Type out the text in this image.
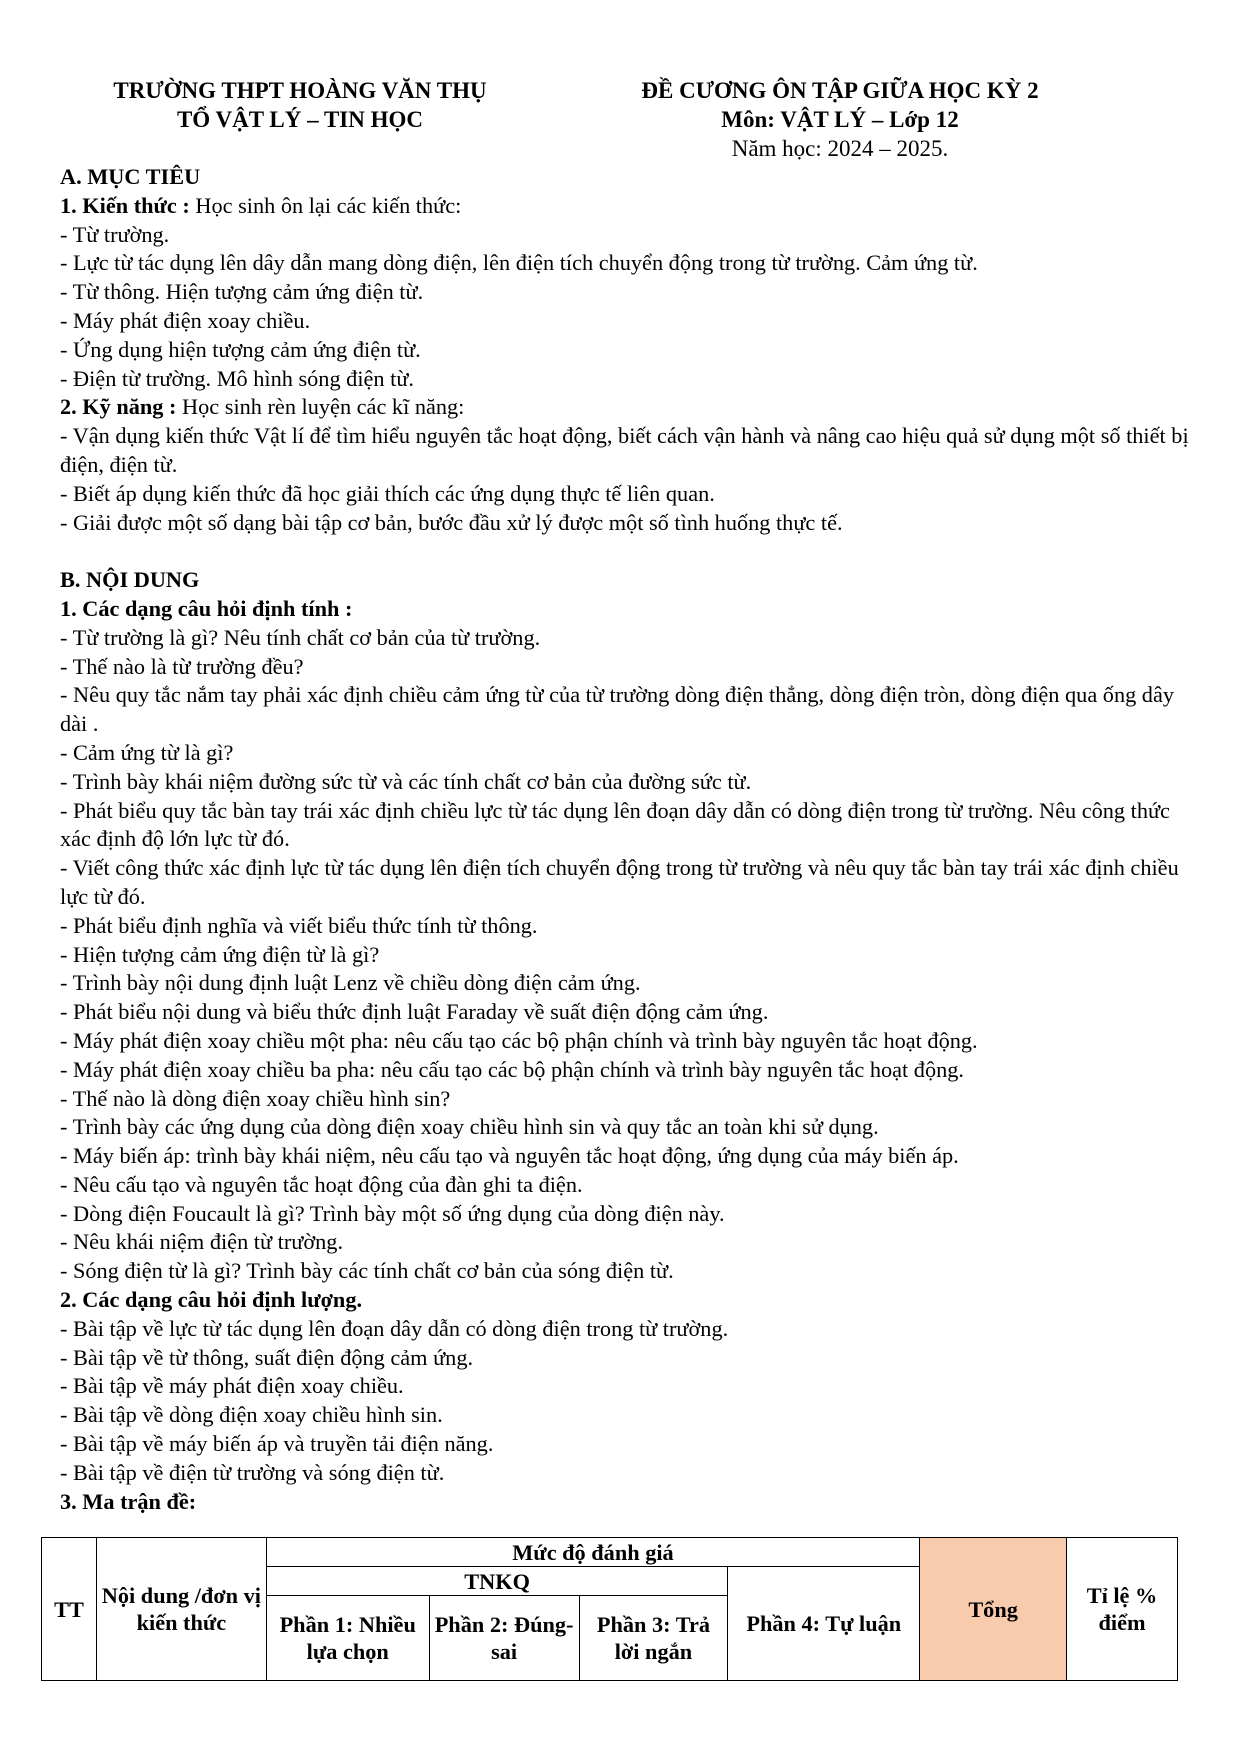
TRƯỜNG THPT HOÀNG VĂN THỤ
TỔ VẬT LÝ – TIN HỌC
ĐỀ CƯƠNG ÔN TẬP GIỮA HỌC KỲ 2
Môn: VẬT LÝ – Lớp 12
Năm học: 2024 – 2025.
A. MỤC TIÊU
1. Kiến thức : Học sinh ôn lại các kiến thức:
- Từ trường.
- Lực từ tác dụng lên dây dẫn mang dòng điện, lên điện tích chuyển động trong từ trường. Cảm ứng từ.
- Từ thông. Hiện tượng cảm ứng điện từ.
- Máy phát điện xoay chiều.
- Ứng dụng hiện tượng cảm ứng điện từ.
- Điện từ trường. Mô hình sóng điện từ.
2. Kỹ năng : Học sinh rèn luyện các kĩ năng:
- Vận dụng kiến thức Vật lí để tìm hiểu nguyên tắc hoạt động, biết cách vận hành và nâng cao hiệu quả sử dụng một số thiết bị điện, điện từ.
- Biết áp dụng kiến thức đã học giải thích các ứng dụng thực tế liên quan.
- Giải được một số dạng bài tập cơ bản, bước đầu xử lý được một số tình huống thực tế.
B. NỘI DUNG
1. Các dạng câu hỏi định tính :
- Từ trường là gì? Nêu tính chất cơ bản của từ trường.
- Thế nào là từ trường đều?
- Nêu quy tắc nắm tay phải xác định chiều cảm ứng từ của từ trường dòng điện thẳng, dòng điện tròn, dòng điện qua ống dây dài .
- Cảm ứng từ là gì?
- Trình bày khái niệm đường sức từ và các tính chất cơ bản của đường sức từ.
- Phát biểu quy tắc bàn tay trái xác định chiều lực từ tác dụng lên đoạn dây dẫn có dòng điện trong từ trường. Nêu công thức xác định độ lớn lực từ đó.
- Viết công thức xác định lực từ tác dụng lên điện tích chuyển động trong từ trường và nêu quy tắc bàn tay trái xác định chiều lực từ đó.
- Phát biểu định nghĩa và viết biểu thức tính từ thông.
- Hiện tượng cảm ứng điện từ là gì?
- Trình bày nội dung định luật Lenz về chiều dòng điện cảm ứng.
- Phát biểu nội dung và biểu thức định luật Faraday về suất điện động cảm ứng.
- Máy phát điện xoay chiều một pha: nêu cấu tạo các bộ phận chính và trình bày nguyên tắc hoạt động.
- Máy phát điện xoay chiều ba pha: nêu cấu tạo các bộ phận chính và trình bày nguyên tắc hoạt động.
- Thế nào là dòng điện xoay chiều hình sin?
- Trình bày các ứng dụng của dòng điện xoay chiều hình sin và quy tắc an toàn khi sử dụng.
- Máy biến áp: trình bày khái niệm, nêu cấu tạo và nguyên tắc hoạt động, ứng dụng của máy biến áp.
- Nêu cấu tạo và nguyên tắc hoạt động của đàn ghi ta điện.
- Dòng điện Foucault là gì? Trình bày một số ứng dụng của dòng điện này.
- Nêu khái niệm điện từ trường.
- Sóng điện từ là gì? Trình bày các tính chất cơ bản của sóng điện từ.
2. Các dạng câu hỏi định lượng.
- Bài tập về lực từ tác dụng lên đoạn dây dẫn có dòng điện trong từ trường.
- Bài tập về từ thông, suất điện động cảm ứng.
- Bài tập về máy phát điện xoay chiều.
- Bài tập về dòng điện xoay chiều hình sin.
- Bài tập về máy biến áp và truyền tải điện năng.
- Bài tập về điện từ trường và sóng điện từ.
3. Ma trận đề:
TT	Nội dung /đơn vị kiến thức	Mức độ đánh giá				Tổng	Tỉ lệ % điểm
		TNKQ			Phần 4: Tự luận		
		Phần 1: Nhiều lựa chọn	Phần 2: Đúng-sai	Phần 3: Trả lời ngắn			
